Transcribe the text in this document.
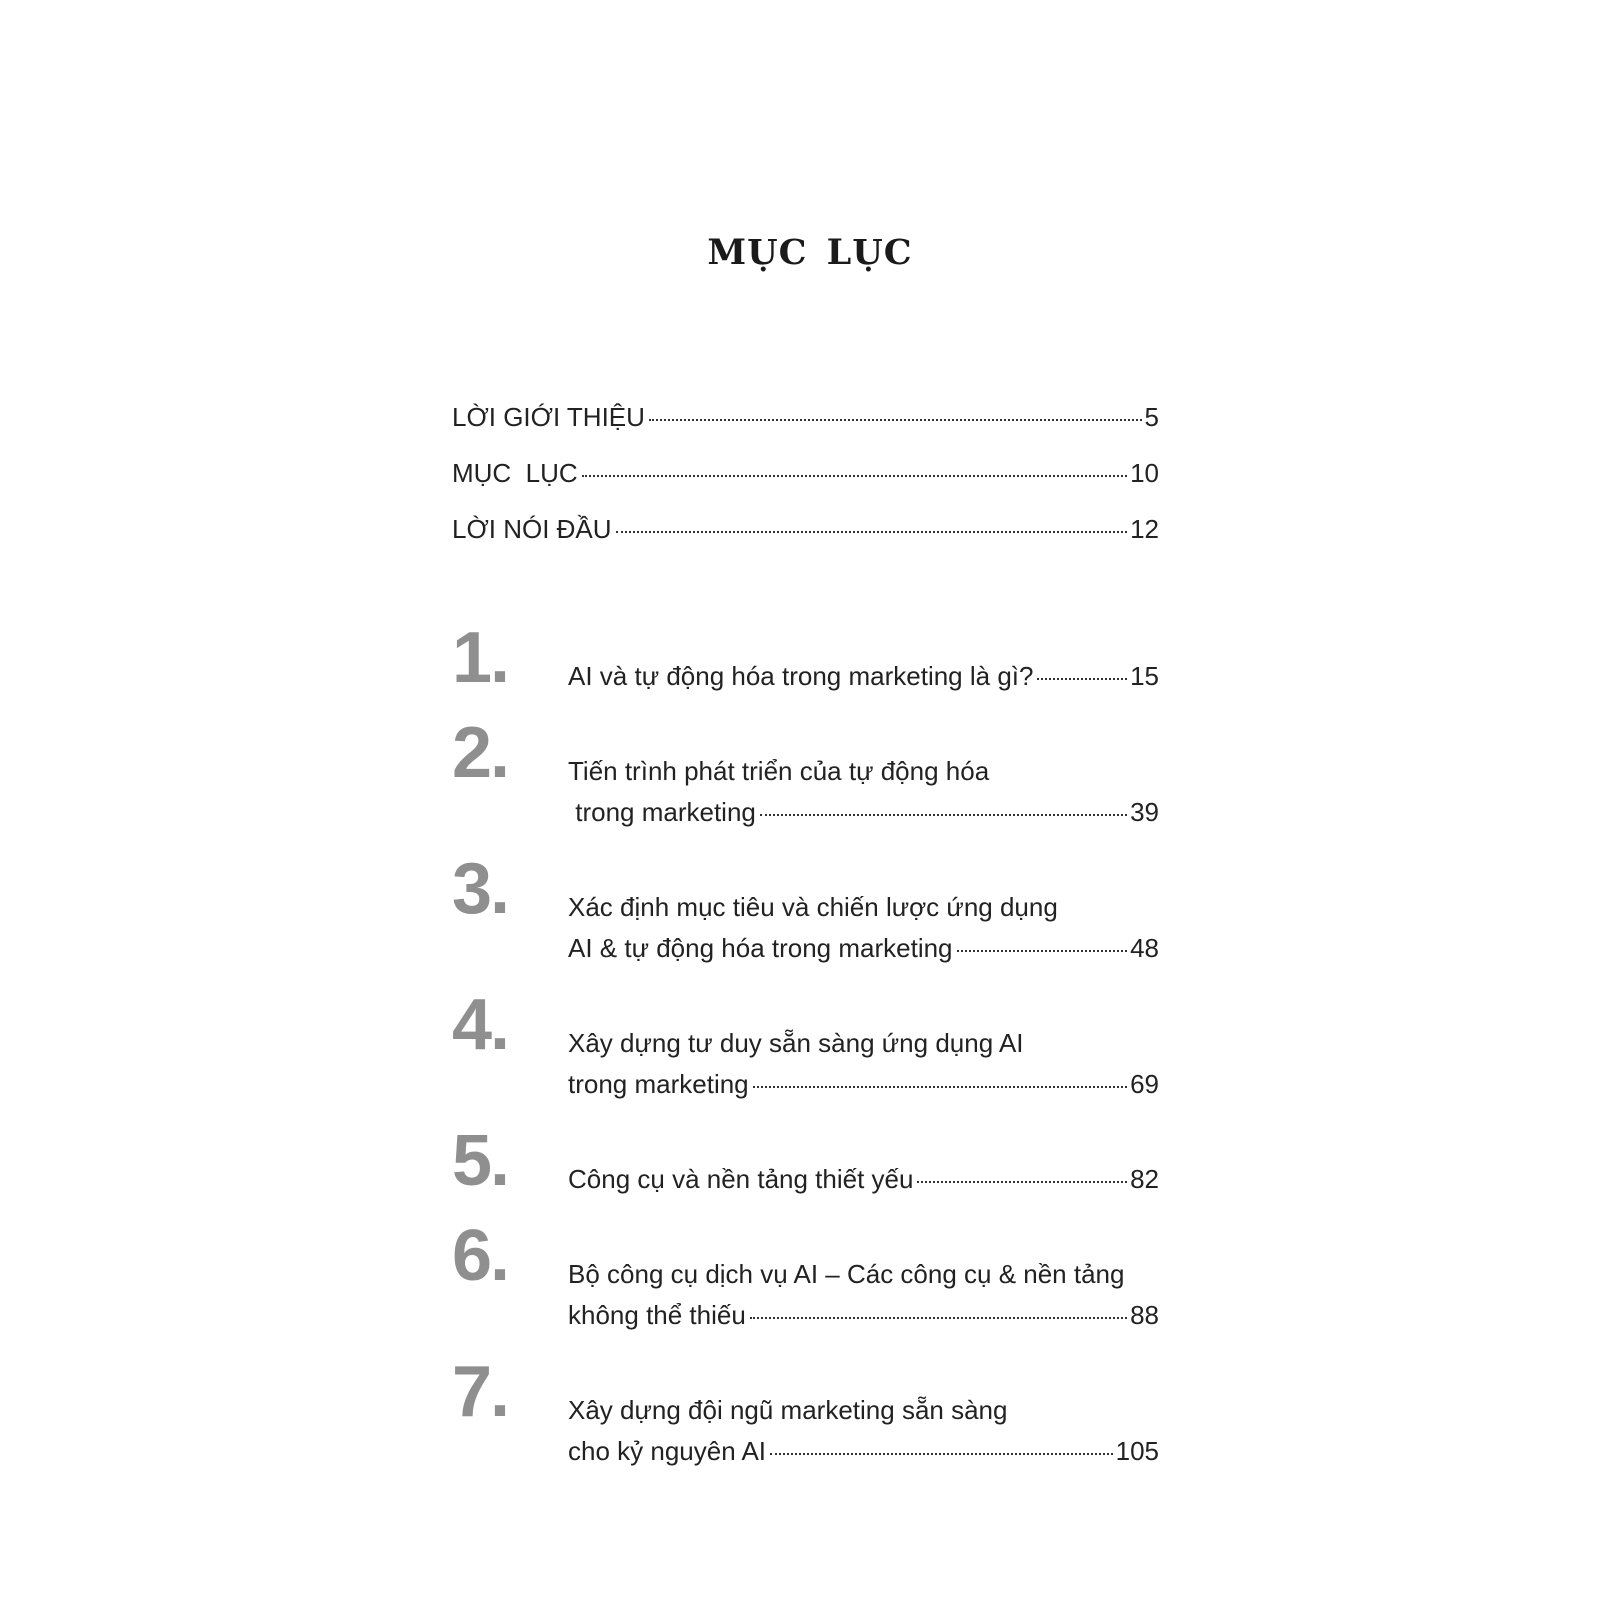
MỤC LỤC
LỜI GIỚI THIỆU	5
MỤC  LỤC	10
LỜI NÓI ĐẦU	12
1.	AI và tự động hóa trong marketing là gì?	15
2.	Tiến trình phát triển của tự động hóa
trong marketing	39
3.	Xác định mục tiêu và chiến lược ứng dụng
AI & tự động hóa trong marketing	48
4.	Xây dựng tư duy sẵn sàng ứng dụng AI
trong marketing	69
5.	Công cụ và nền tảng thiết yếu	82
6.	Bộ công cụ dịch vụ AI – Các công cụ & nền tảng
không thể thiếu	88
7.	Xây dựng đội ngũ marketing sẵn sàng
cho kỷ nguyên AI	105
